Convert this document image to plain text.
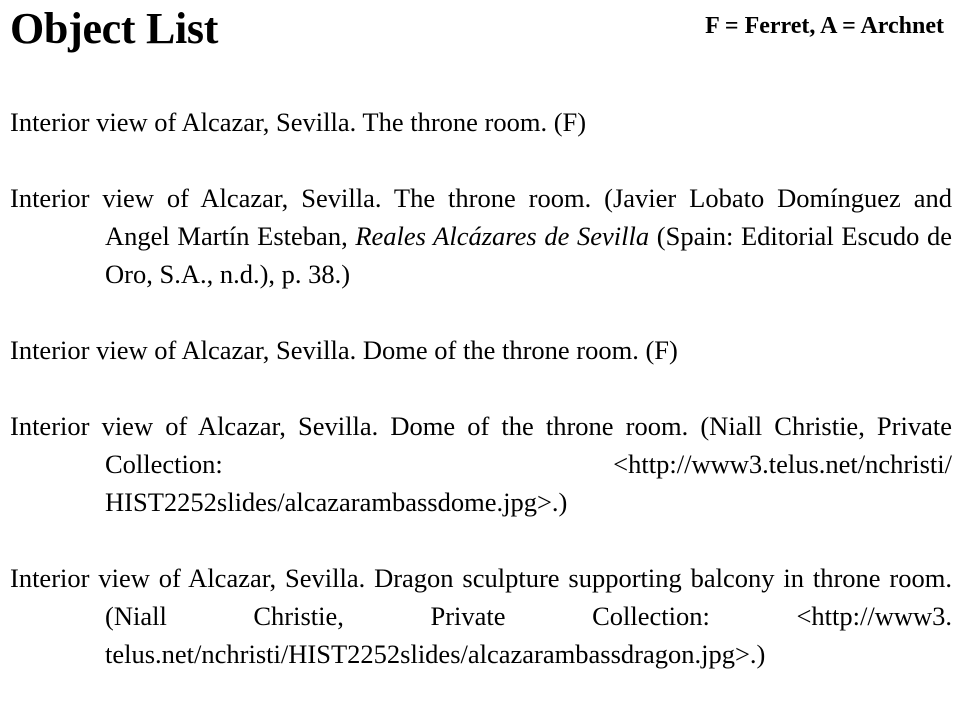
Object List	F = Ferret, A = Archnet

Interior view of Alcazar, Sevilla. The throne room. (F)

Interior view of Alcazar, Sevilla. The throne room. (Javier Lobato Domínguez and Angel Martín Esteban, Reales Alcázares de Sevilla (Spain: Editorial Escudo de Oro, S.A., n.d.), p. 38.)

Interior view of Alcazar, Sevilla. Dome of the throne room. (F)

Interior view of Alcazar, Sevilla. Dome of the throne room. (Niall Christie, Private Collection: <http://www3.telus.net/nchristi/ HIST2252slides/alcazarambassdome.jpg>.)

Interior view of Alcazar, Sevilla. Dragon sculpture supporting balcony in throne room. (Niall Christie, Private Collection: <http://www3. telus.net/nchristi/HIST2252slides/alcazarambassdragon.jpg>.)
